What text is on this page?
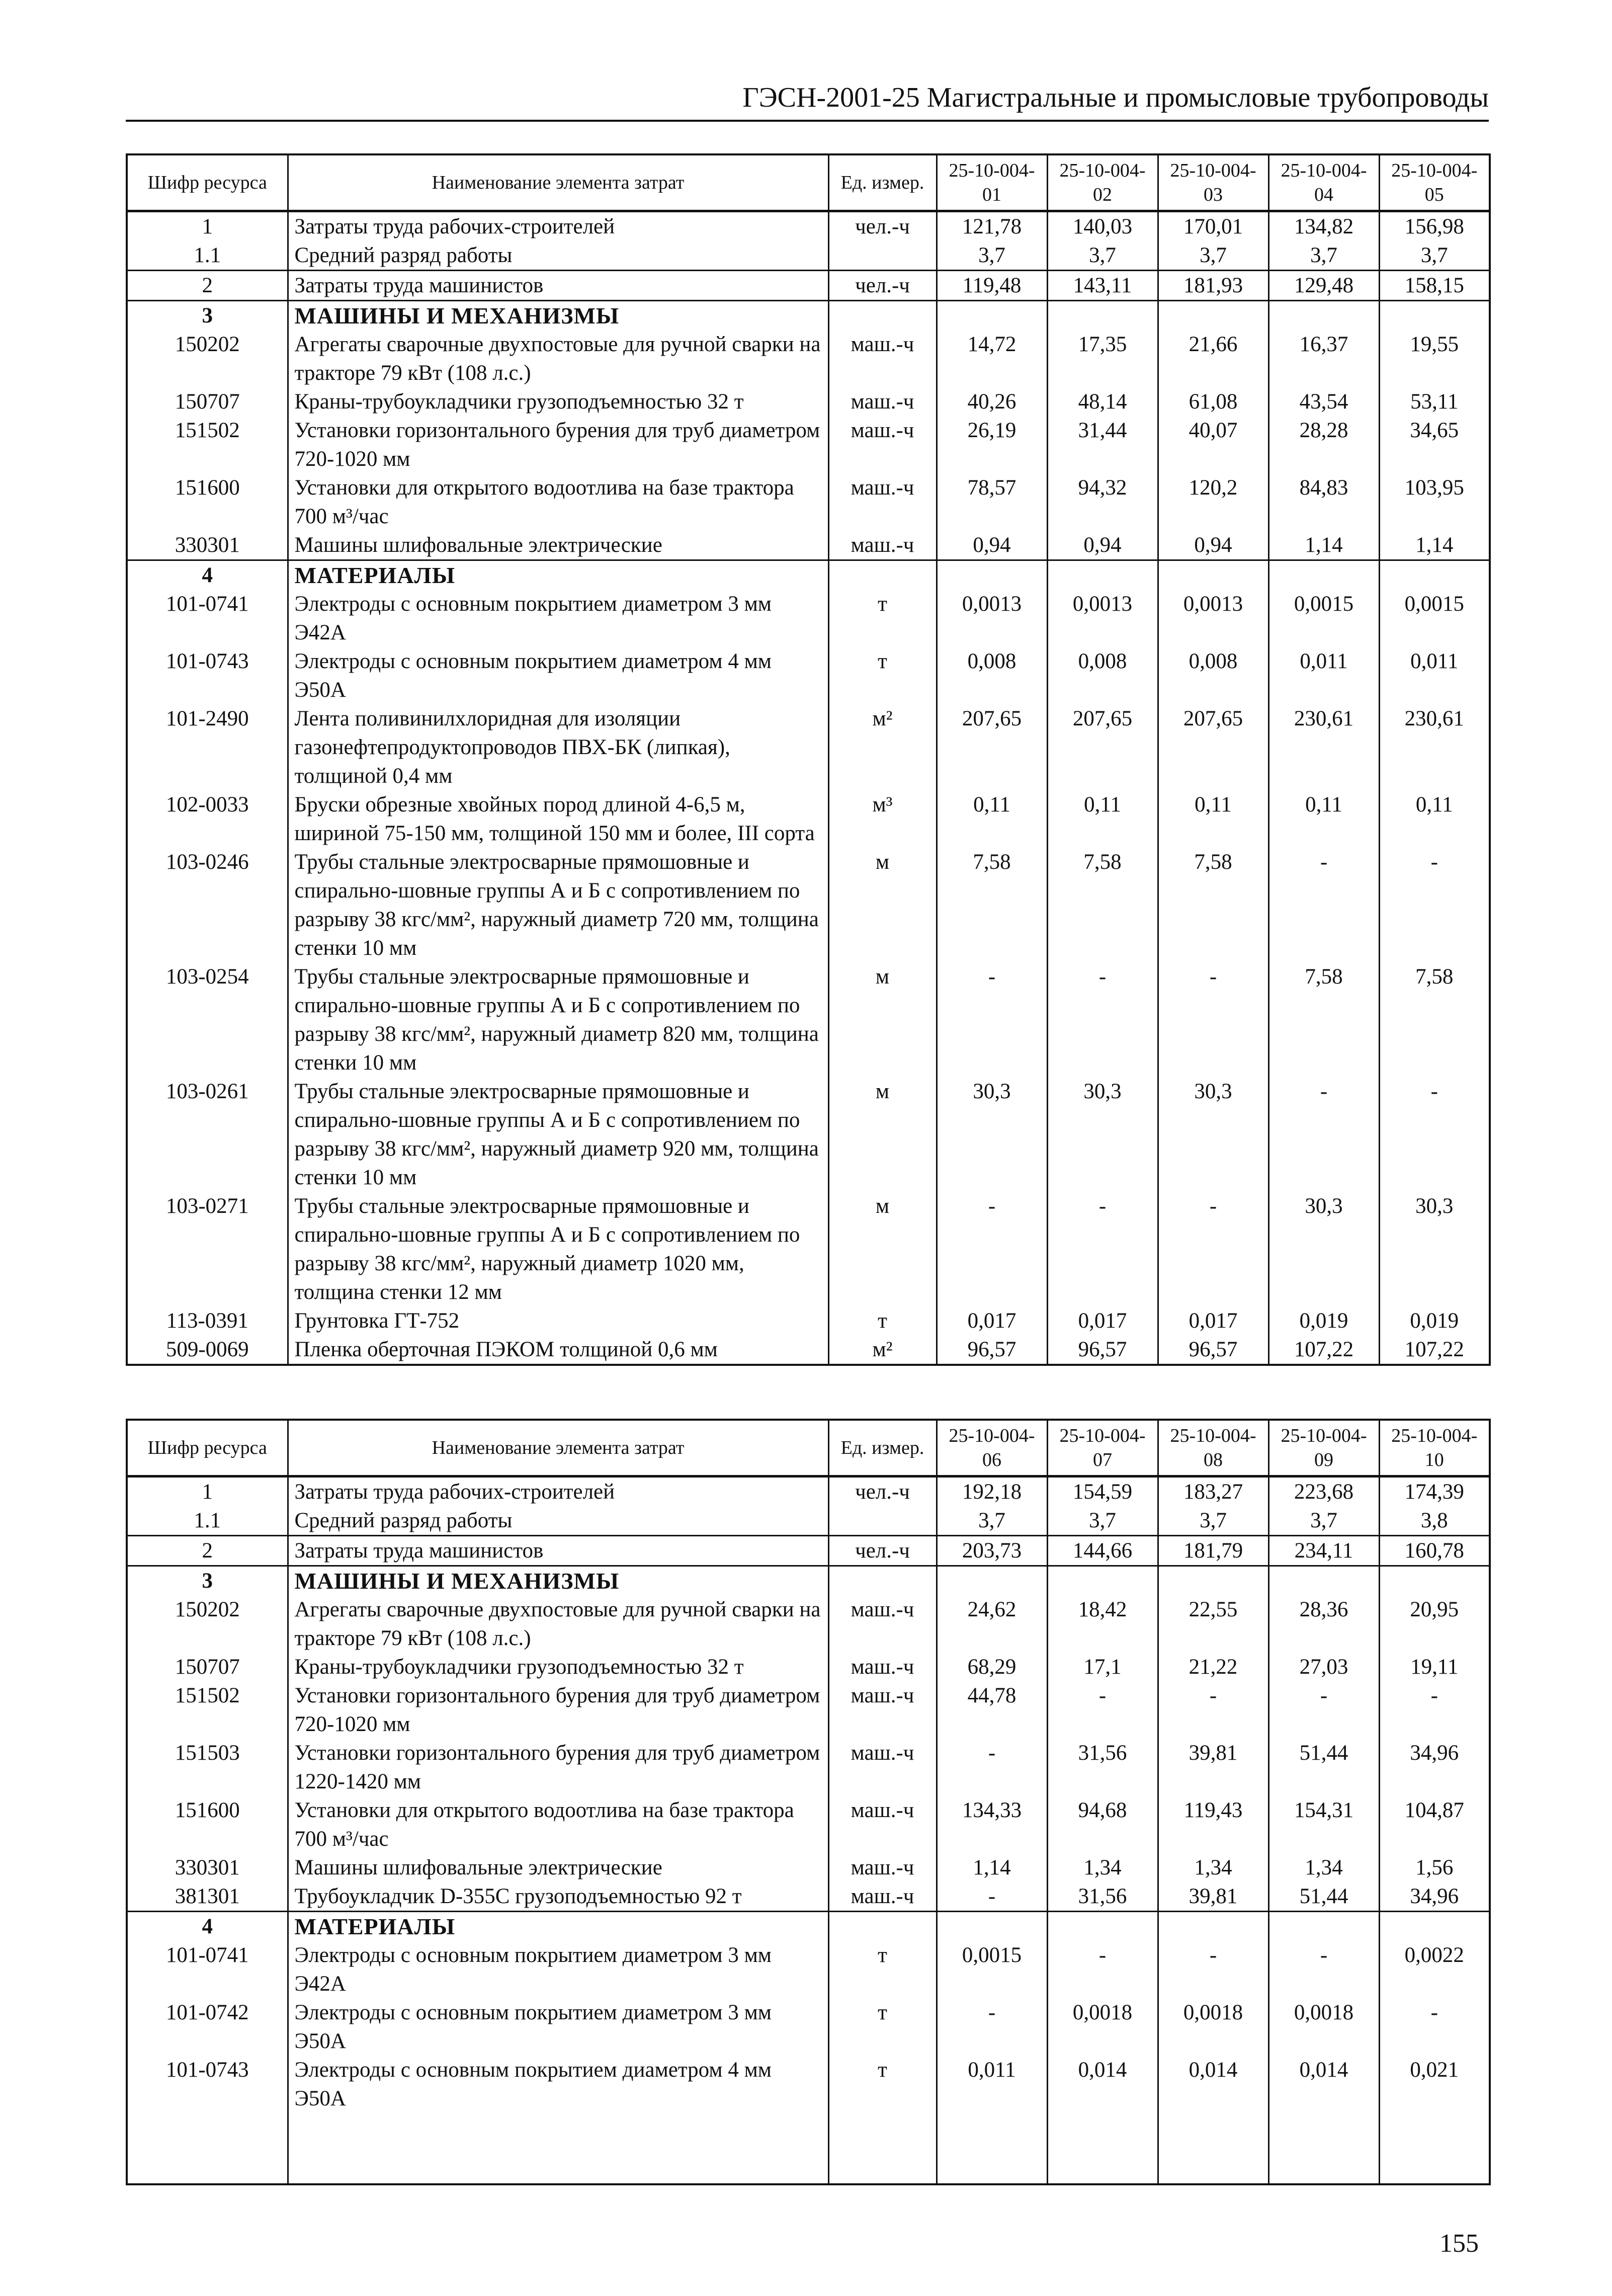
ГЭСН-2001-25 Магистральные и промысловые трубопроводы
Шифр ресурса	Наименование элемента затрат	Ед. измер.	25-10-004-01	25-10-004-02	25-10-004-03	25-10-004-04	25-10-004-05
1	Затраты труда рабочих-строителей	чел.-ч	121,78	140,03	170,01	134,82	156,98
1.1	Средний разряд работы		3,7	3,7	3,7	3,7	3,7
2	Затраты труда машинистов	чел.-ч	119,48	143,11	181,93	129,48	158,15
3	МАШИНЫ И МЕХАНИЗМЫ						
150202	Агрегаты сварочные двухпостовые для ручной сварки на тракторе 79 кВт (108 л.с.)	маш.-ч	14,72	17,35	21,66	16,37	19,55
150707	Краны-трубоукладчики грузоподъемностью 32 т	маш.-ч	40,26	48,14	61,08	43,54	53,11
151502	Установки горизонтального бурения для труб диаметром 720-1020 мм	маш.-ч	26,19	31,44	40,07	28,28	34,65
151600	Установки для открытого водоотлива на базе трактора 700 м³/час	маш.-ч	78,57	94,32	120,2	84,83	103,95
330301	Машины шлифовальные электрические	маш.-ч	0,94	0,94	0,94	1,14	1,14
4	МАТЕРИАЛЫ						
101-0741	Электроды с основным покрытием диаметром 3 мм Э42А	т	0,0013	0,0013	0,0013	0,0015	0,0015
101-0743	Электроды с основным покрытием диаметром 4 мм Э50А	т	0,008	0,008	0,008	0,011	0,011
101-2490	Лента поливинилхлоридная для изоляции газонефтепродуктопроводов ПВХ-БК (липкая), толщиной 0,4 мм	м²	207,65	207,65	207,65	230,61	230,61
102-0033	Бруски обрезные хвойных пород длиной 4-6,5 м, шириной 75-150 мм, толщиной 150 мм и более, III сорта	м³	0,11	0,11	0,11	0,11	0,11
103-0246	Трубы стальные электросварные прямошовные и спирально-шовные группы А и Б с сопротивлением по разрыву 38 кгс/мм², наружный диаметр 720 мм, толщина стенки 10 мм	м	7,58	7,58	7,58	-	-
103-0254	Трубы стальные электросварные прямошовные и спирально-шовные группы А и Б с сопротивлением по разрыву 38 кгс/мм², наружный диаметр 820 мм, толщина стенки 10 мм	м	-	-	-	7,58	7,58
103-0261	Трубы стальные электросварные прямошовные и спирально-шовные группы А и Б с сопротивлением по разрыву 38 кгс/мм², наружный диаметр 920 мм, толщина стенки 10 мм	м	30,3	30,3	30,3	-	-
103-0271	Трубы стальные электросварные прямошовные и спирально-шовные группы А и Б с сопротивлением по разрыву 38 кгс/мм², наружный диаметр 1020 мм, толщина стенки 12 мм	м	-	-	-	30,3	30,3
113-0391	Грунтовка ГТ-752	т	0,017	0,017	0,017	0,019	0,019
509-0069	Пленка оберточная ПЭКОМ толщиной 0,6 мм	м²	96,57	96,57	96,57	107,22	107,22
Шифр ресурса	Наименование элемента затрат	Ед. измер.	25-10-004-06	25-10-004-07	25-10-004-08	25-10-004-09	25-10-004-10
1	Затраты труда рабочих-строителей	чел.-ч	192,18	154,59	183,27	223,68	174,39
1.1	Средний разряд работы		3,7	3,7	3,7	3,7	3,8
2	Затраты труда машинистов	чел.-ч	203,73	144,66	181,79	234,11	160,78
3	МАШИНЫ И МЕХАНИЗМЫ						
150202	Агрегаты сварочные двухпостовые для ручной сварки на тракторе 79 кВт (108 л.с.)	маш.-ч	24,62	18,42	22,55	28,36	20,95
150707	Краны-трубоукладчики грузоподъемностью 32 т	маш.-ч	68,29	17,1	21,22	27,03	19,11
151502	Установки горизонтального бурения для труб диаметром 720-1020 мм	маш.-ч	44,78	-	-	-	-
151503	Установки горизонтального бурения для труб диаметром 1220-1420 мм	маш.-ч	-	31,56	39,81	51,44	34,96
151600	Установки для открытого водоотлива на базе трактора 700 м³/час	маш.-ч	134,33	94,68	119,43	154,31	104,87
330301	Машины шлифовальные электрические	маш.-ч	1,14	1,34	1,34	1,34	1,56
381301	Трубоукладчик D-355C грузоподъемностью 92 т	маш.-ч	-	31,56	39,81	51,44	34,96
4	МАТЕРИАЛЫ						
101-0741	Электроды с основным покрытием диаметром 3 мм Э42А	т	0,0015	-	-	-	0,0022
101-0742	Электроды с основным покрытием диаметром 3 мм Э50А	т	-	0,0018	0,0018	0,0018	-
101-0743	Электроды с основным покрытием диаметром 4 мм Э50А	т	0,011	0,014	0,014	0,014	0,021

155
